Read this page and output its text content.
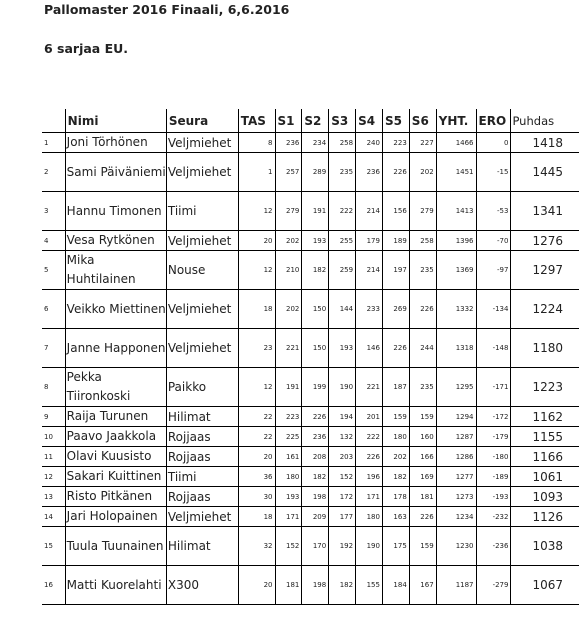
Pallomaster 2016 Finaali, 6,6.2016
6 sarjaa EU.
	Nimi	Seura	TAS	S1	S2	S3	S4	S5	S6	YHT.	ERO	Puhdas
1	Joni Törhönen	Veljmiehet	8	236	234	258	240	223	227	1466	0	1418
2	Sami Päiväniemi	Veljmiehet	1	257	289	235	236	226	202	1451	-15	1445
3	Hannu Timonen	Tiimi	12	279	191	222	214	156	279	1413	-53	1341
4	Vesa Rytkönen	Veljmiehet	20	202	193	255	179	189	258	1396	-70	1276
5	Mika Huhtilainen	Nouse	12	210	182	259	214	197	235	1369	-97	1297
6	Veikko Miettinen	Veljmiehet	18	202	150	144	233	269	226	1332	-134	1224
7	Janne Happonen	Veljmiehet	23	221	150	193	146	226	244	1318	-148	1180
8	Pekka Tiironkoski	Paikko	12	191	199	190	221	187	235	1295	-171	1223
9	Raija Turunen	Hilimat	22	223	226	194	201	159	159	1294	-172	1162
10	Paavo Jaakkola	Rojjaas	22	225	236	132	222	180	160	1287	-179	1155
11	Olavi Kuusisto	Rojjaas	20	161	208	203	226	202	166	1286	-180	1166
12	Sakari Kuittinen	Tiimi	36	180	182	152	196	182	169	1277	-189	1061
13	Risto Pitkänen	Rojjaas	30	193	198	172	171	178	181	1273	-193	1093
14	Jari Holopainen	Veljmiehet	18	171	209	177	180	163	226	1234	-232	1126
15	Tuula Tuunainen	Hilimat	32	152	170	192	190	175	159	1230	-236	1038
16	Matti Kuorelahti	X300	20	181	198	182	155	184	167	1187	-279	1067
